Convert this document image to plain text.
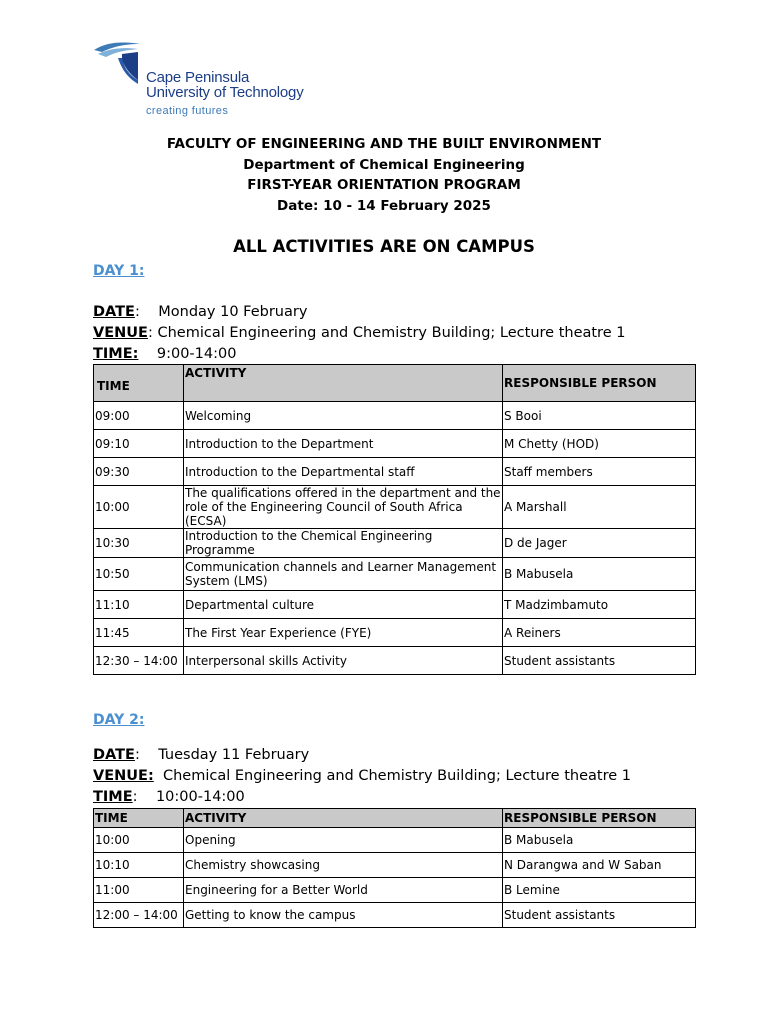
Cape Peninsula
University of Technology
creating futures
FACULTY OF ENGINEERING AND THE BUILT ENVIRONMENT
Department of Chemical Engineering
FIRST-YEAR ORIENTATION PROGRAM
Date: 10 - 14 February 2025
ALL ACTIVITIES ARE ON CAMPUS
DAY 1:
DATE:    Monday 10 February
VENUE: Chemical Engineering and Chemistry Building; Lecture theatre 1
TIME: 9:00-14:00
TIME	ACTIVITY	RESPONSIBLE PERSON
09:00	Welcoming	S Booi
09:10	Introduction to the Department	M Chetty (HOD)
09:30	Introduction to the Departmental staff	Staff members
10:00	The qualifications offered in the department and the role of the Engineering Council of South Africa (ECSA)	A Marshall
10:30	Introduction to the Chemical Engineering Programme	D de Jager
10:50	Communication channels and Learner Management System (LMS)	B Mabusela
11:10	Departmental culture	T Madzimbamuto
11:45	The First Year Experience (FYE)	A Reiners
12:30 – 14:00	Interpersonal skills Activity	Student assistants
DAY 2:
DATE:    Tuesday 11 February
VENUE: Chemical Engineering and Chemistry Building; Lecture theatre 1
TIME:    10:00-14:00
TIME	ACTIVITY	RESPONSIBLE PERSON
10:00	Opening	B Mabusela
10:10	Chemistry showcasing	N Darangwa and W Saban
11:00	Engineering for a Better World	B Lemine
12:00 – 14:00	Getting to know the campus	Student assistants
